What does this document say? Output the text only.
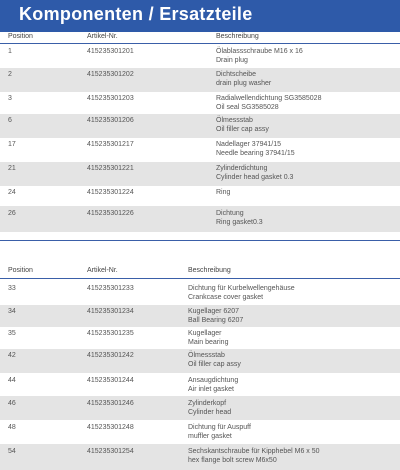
Komponenten / Ersatzteile
Position	Artikel-Nr.	Beschreibung
1	415235301201	Ölablassschraube M16 x 16
Drain plug
2	415235301202	Dichtscheibe
drain plug washer
3	415235301203	Radialwellendichtung SG3585028
Oil seal SG3585028
6	415235301206	Ölmessstab
Oil filler cap assy
17	415235301217	Nadellager 37941/15
Needle bearing 37941/15
21	415235301221	Zylinderdichtung
Cylinder head gasket 0.3
24	415235301224	Ring
26	415235301226	Dichtung
Ring gasket0.3
Position	Artikel-Nr.	Beschreibung
33	415235301233	Dichtung für Kurbelwellengehäuse
Crankcase cover gasket
34	415235301234	Kugellager 6207
Ball Bearing 6207
35	415235301235	Kugellager
Main bearing
42	415235301242	Ölmessstab
Oil filler cap assy
44	415235301244	Ansaugdichtung
Air inlet gasket
46	415235301246	Zylinderkopf
Cylinder head
48	415235301248	Dichtung für Auspuff
muffler gasket
54	415235301254	Sechskantschraube für Kipphebel M6 x 50
hex flange bolt screw M6x50
